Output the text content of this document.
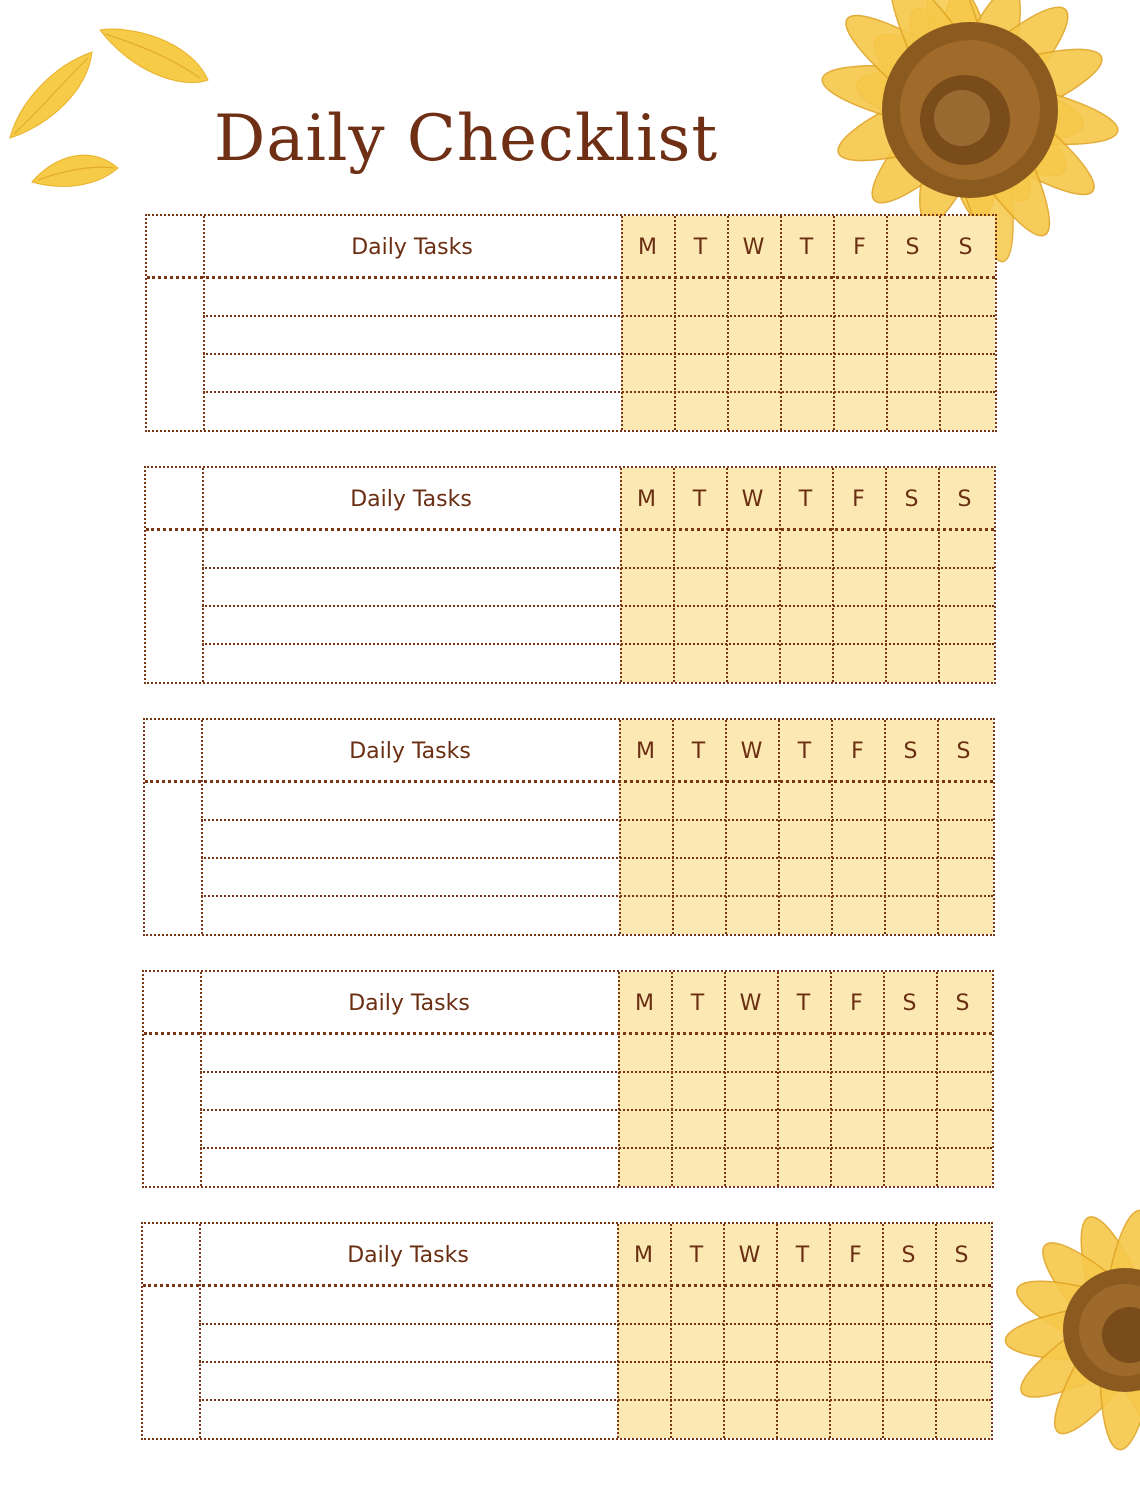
Daily Checklist
Daily Tasks	M	T	W	T	F	S	S
Daily Tasks	M	T	W	T	F	S	S
Daily Tasks	M	T	W	T	F	S	S
Daily Tasks	M	T	W	T	F	S	S
Daily Tasks	M	T	W	T	F	S	S
